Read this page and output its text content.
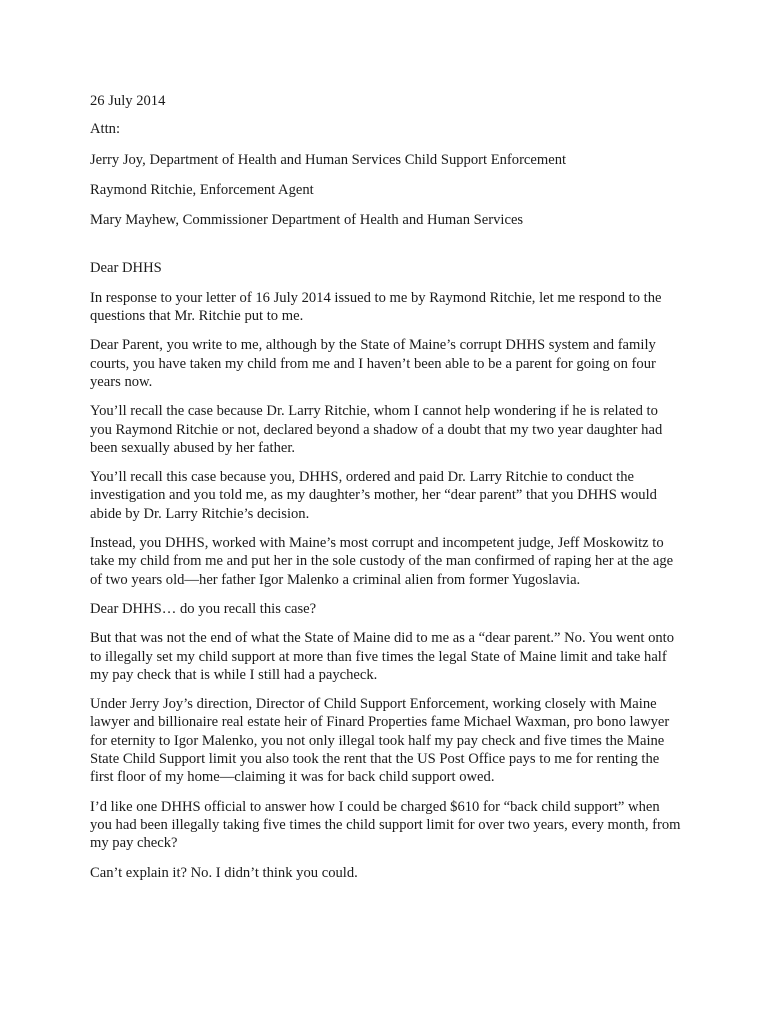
26 July 2014

Attn:

Jerry Joy, Department of Health and Human Services Child Support Enforcement

Raymond Ritchie, Enforcement Agent

Mary Mayhew, Commissioner Department of Health and Human Services

Dear DHHS

In response to your letter of 16 July 2014 issued to me by Raymond Ritchie, let me respond to the questions that Mr. Ritchie put to me.

Dear Parent, you write to me, although by the State of Maine’s corrupt DHHS system and family courts, you have taken my child from me and I haven’t been able to be a parent for going on four years now.

You’ll recall the case because Dr. Larry Ritchie, whom I cannot help wondering if he is related to you Raymond Ritchie or not, declared beyond a shadow of a doubt that my two year daughter had been sexually abused by her father.

You’ll recall this case because you, DHHS, ordered and paid Dr. Larry Ritchie to conduct the investigation and you told me, as my daughter’s mother, her “dear parent” that you DHHS would abide by Dr. Larry Ritchie’s decision.

Instead, you DHHS, worked with Maine’s most corrupt and incompetent judge, Jeff Moskowitz to take my child from me and put her in the sole custody of the man confirmed of raping her at the age of two years old—her father Igor Malenko a criminal alien from former Yugoslavia.

Dear DHHS… do you recall this case?

But that was not the end of what the State of Maine did to me as a “dear parent.” No. You went onto to illegally set my child support at more than five times the legal State of Maine limit and take half my pay check that is while I still had a paycheck.

Under Jerry Joy’s direction, Director of Child Support Enforcement, working closely with Maine lawyer and billionaire real estate heir of Finard Properties fame Michael Waxman, pro bono lawyer for eternity to Igor Malenko, you not only illegal took half my pay check and five times the Maine State Child Support limit you also took the rent that the US Post Office pays to me for renting the first floor of my home—claiming it was for back child support owed.

I’d like one DHHS official to answer how I could be charged $610 for “back child support” when you had been illegally taking five times the child support limit for over two years, every month, from my pay check?

Can’t explain it? No. I didn’t think you could.
